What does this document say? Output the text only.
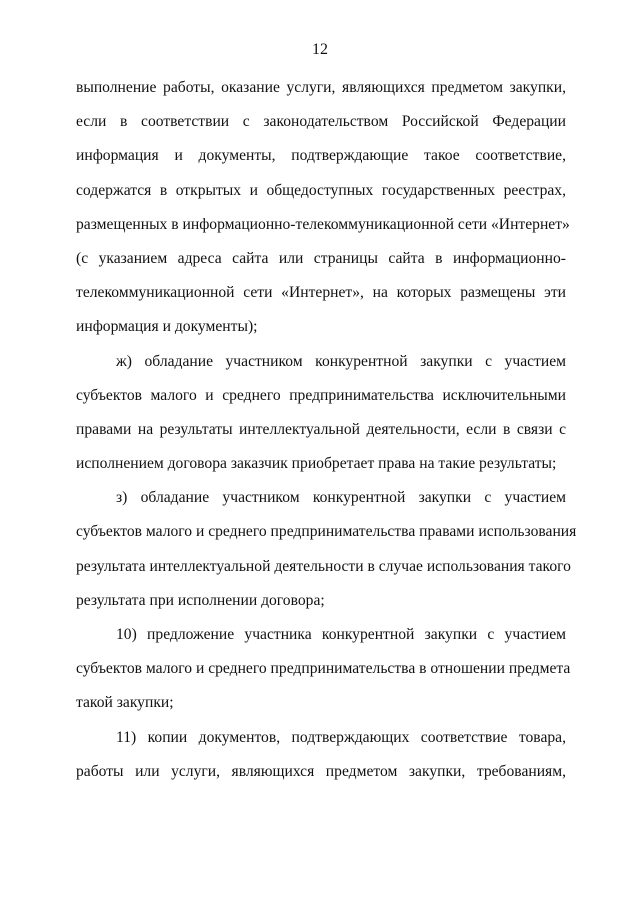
12
выполнение работы, оказание услуги, являющихся предметом закупки,
если в соответствии с законодательством Российской Федерации
информация и документы, подтверждающие такое соответствие,
содержатся в открытых и общедоступных государственных реестрах,
размещенных в информационно-телекоммуникационной сети «Интернет»
(с указанием адреса сайта или страницы сайта в информационно-
телекоммуникационной сети «Интернет», на которых размещены эти
информация и документы);
ж) обладание участником конкурентной закупки с участием
субъектов малого и среднего предпринимательства исключительными
правами на результаты интеллектуальной деятельности, если в связи с
исполнением договора заказчик приобретает права на такие результаты;
з) обладание участником конкурентной закупки с участием
субъектов малого и среднего предпринимательства правами использования
результата интеллектуальной деятельности в случае использования такого
результата при исполнении договора;
10) предложение участника конкурентной закупки с участием
субъектов малого и среднего предпринимательства в отношении предмета
такой закупки;
11) копии документов, подтверждающих соответствие товара,
работы или услуги, являющихся предметом закупки, требованиям,
